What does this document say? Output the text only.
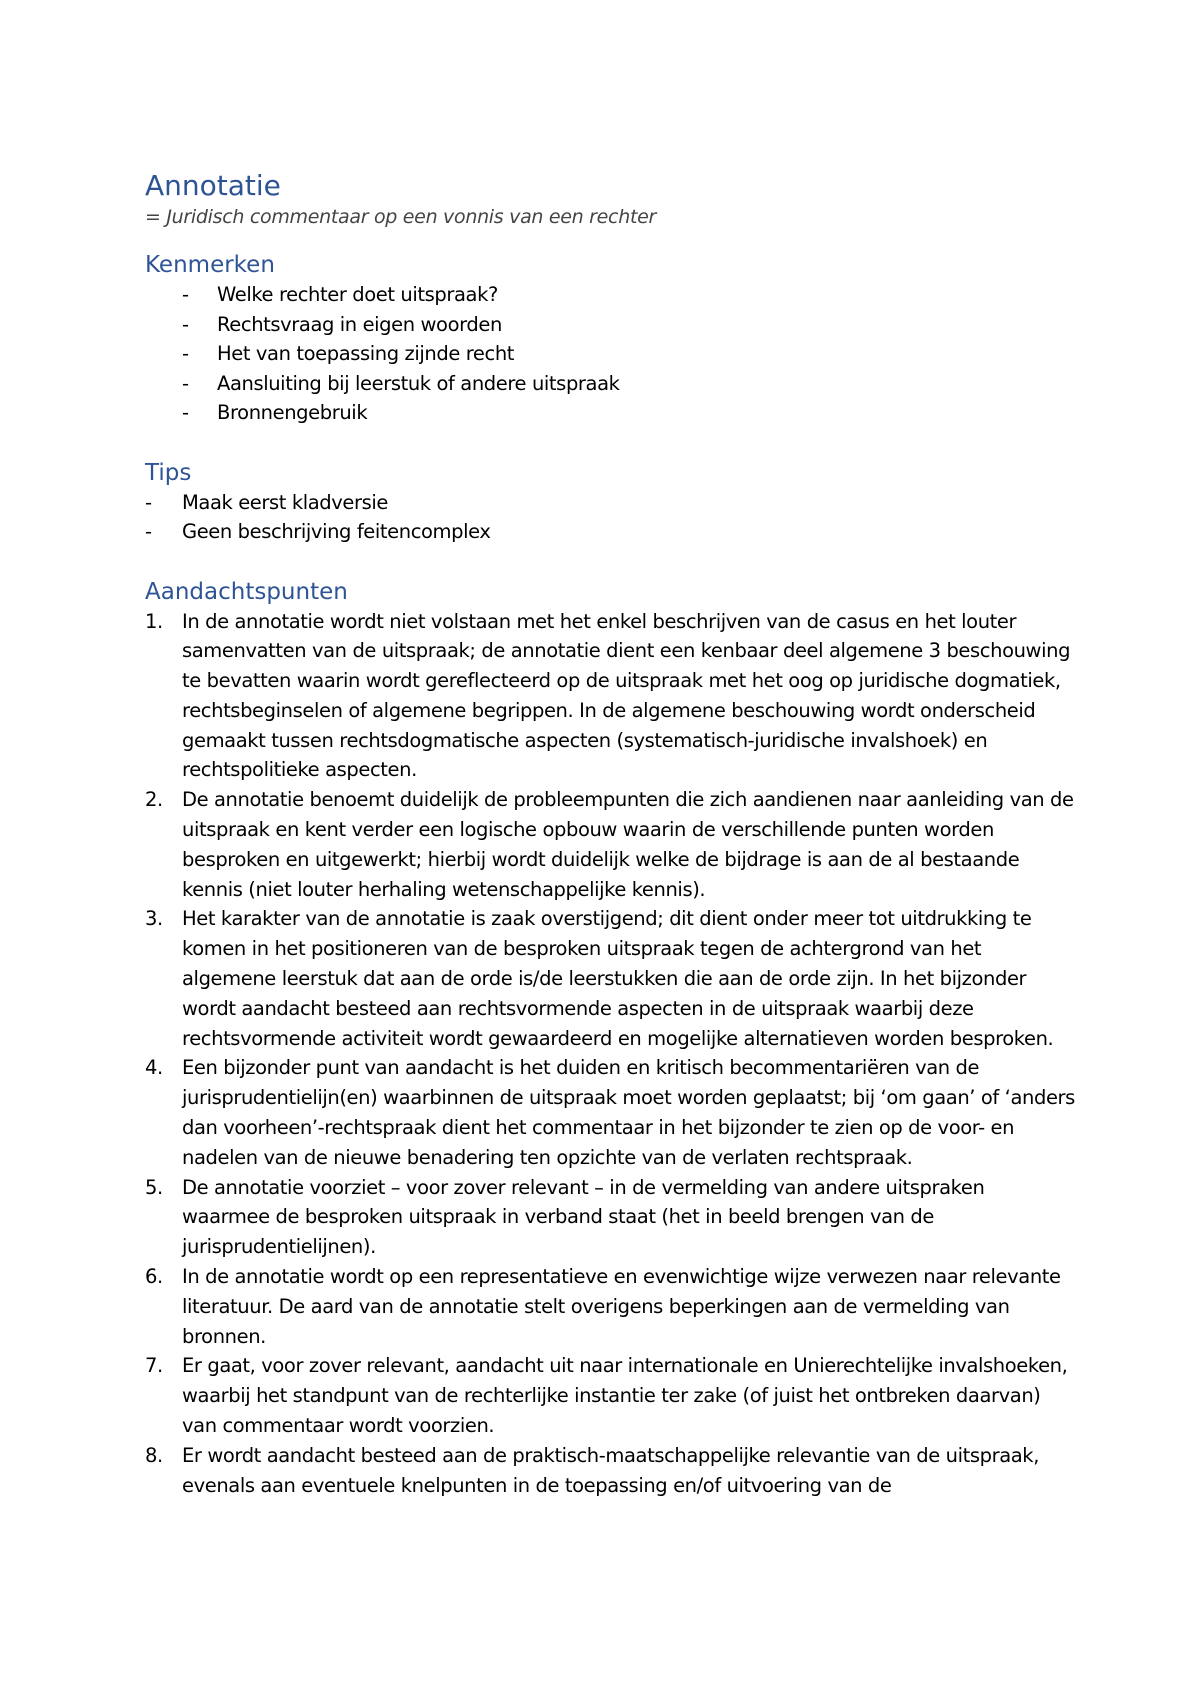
Annotatie

= Juridisch commentaar op een vonnis van een rechter

Kenmerken
- Welke rechter doet uitspraak?
- Rechtsvraag in eigen woorden
- Het van toepassing zijnde recht
- Aansluiting bij leerstuk of andere uitspraak
- Bronnengebruik
Tips
- Maak eerst kladversie
- Geen beschrijving feitencomplex
Aandachtspunten
1. In de annotatie wordt niet volstaan met het enkel beschrijven van de casus en het louter samenvatten van de uitspraak; de annotatie dient een kenbaar deel algemene 3 beschouwing te bevatten waarin wordt gereflecteerd op de uitspraak met het oog op juridische dogmatiek, rechtsbeginselen of algemene begrippen. In de algemene beschouwing wordt onderscheid gemaakt tussen rechtsdogmatische aspecten (systematisch-juridische invalshoek) en rechtspolitieke aspecten.
2. De annotatie benoemt duidelijk de probleempunten die zich aandienen naar aanleiding van de uitspraak en kent verder een logische opbouw waarin de verschillende punten worden besproken en uitgewerkt; hierbij wordt duidelijk welke de bijdrage is aan de al bestaande kennis (niet louter herhaling wetenschappelijke kennis).
3. Het karakter van de annotatie is zaak overstijgend; dit dient onder meer tot uitdrukking te komen in het positioneren van de besproken uitspraak tegen de achtergrond van het algemene leerstuk dat aan de orde is/de leerstukken die aan de orde zijn. In het bijzonder wordt aandacht besteed aan rechtsvormende aspecten in de uitspraak waarbij deze rechtsvormende activiteit wordt gewaardeerd en mogelijke alternatieven worden besproken.
4. Een bijzonder punt van aandacht is het duiden en kritisch becommentariëren van de jurisprudentielijn(en) waarbinnen de uitspraak moet worden geplaatst; bij ‘om gaan’ of ‘anders dan voorheen’-rechtspraak dient het commentaar in het bijzonder te zien op de voor- en nadelen van de nieuwe benadering ten opzichte van de verlaten rechtspraak.
5. De annotatie voorziet – voor zover relevant – in de vermelding van andere uitspraken waarmee de besproken uitspraak in verband staat (het in beeld brengen van de jurisprudentielijnen).
6. In de annotatie wordt op een representatieve en evenwichtige wijze verwezen naar relevante literatuur. De aard van de annotatie stelt overigens beperkingen aan de vermelding van bronnen.
7. Er gaat, voor zover relevant, aandacht uit naar internationale en Unierechtelijke invalshoeken, waarbij het standpunt van de rechterlijke instantie ter zake (of juist het ontbreken daarvan) van commentaar wordt voorzien.
8. Er wordt aandacht besteed aan de praktisch-maatschappelijke relevantie van de uitspraak, evenals aan eventuele knelpunten in de toepassing en/of uitvoering van de
